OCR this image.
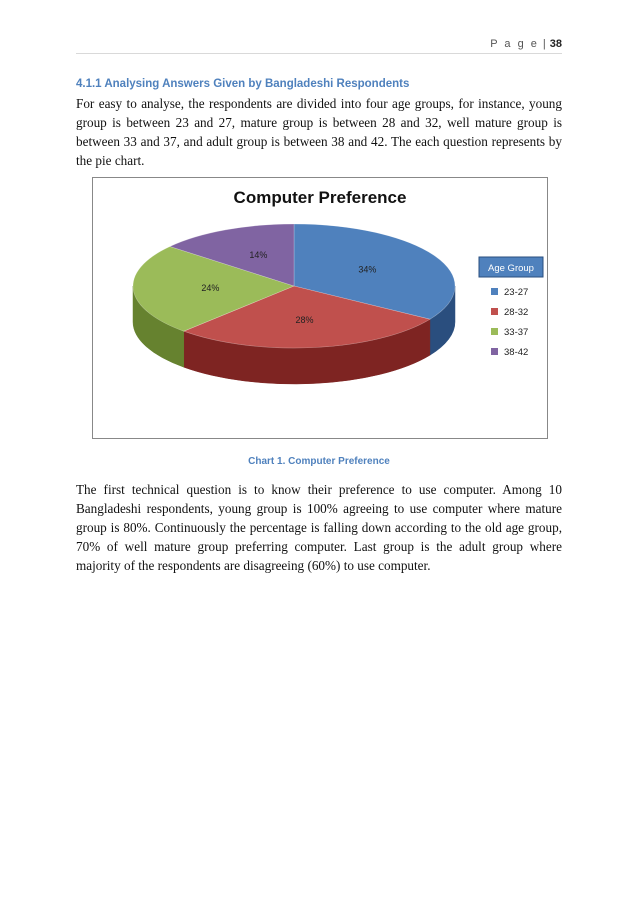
P a g e | 38
4.1.1 Analysing Answers Given by Bangladeshi Respondents
For easy to analyse, the respondents are divided into four age groups, for instance, young group is between 23 and 27, mature group is between 28 and 32, well mature group is between 33 and 37, and adult group is between 38 and 42. The each question represents by the pie chart.
Computer Preference
34%
28%
24%
14%
Age Group
23-27
28-32
33-37
38-42
Chart 1. Computer Preference
The first technical question is to know their preference to use computer. Among 10 Bangladeshi respondents, young group is 100% agreeing to use computer where mature group is 80%. Continuously the percentage is falling down according to the old age group, 70% of well mature group preferring computer. Last group is the adult group where majority of the respondents are disagreeing (60%) to use computer.
